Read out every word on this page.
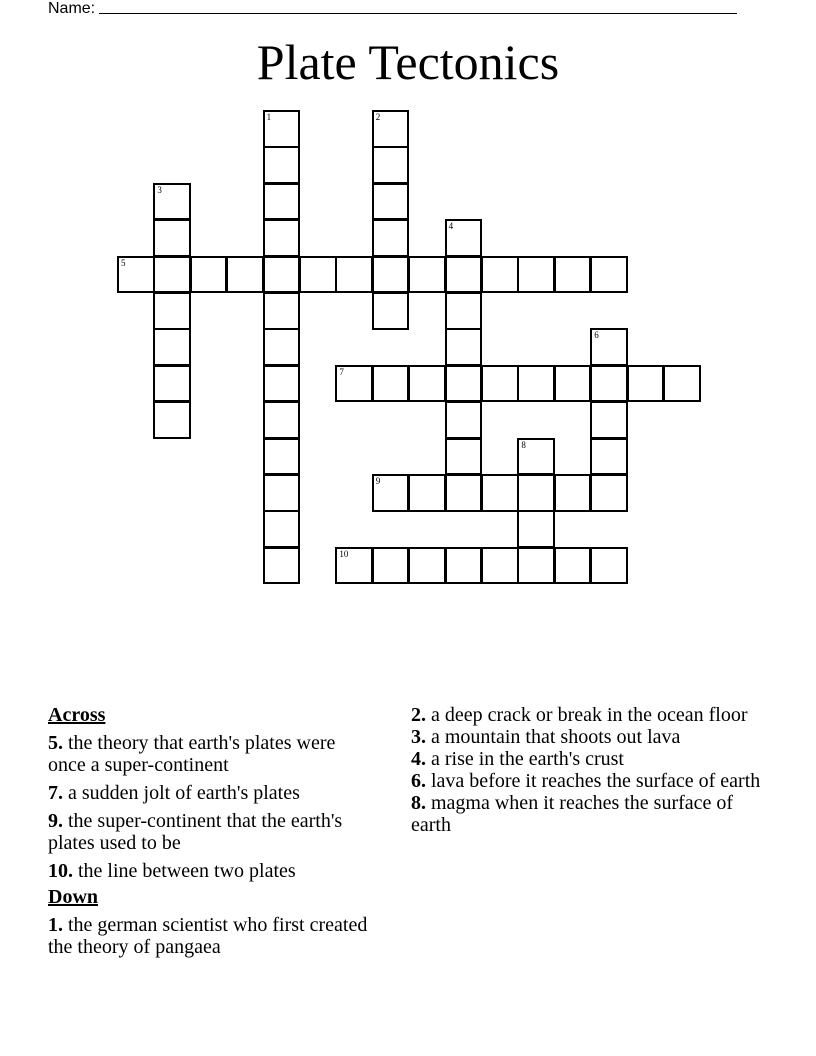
Name:
Plate Tectonics
1	2
3
4
5
6
7
8
9
10
Across
5. the theory that earth's plates were once a super-continent
7. a sudden jolt of earth's plates
9. the super-continent that the earth's plates used to be
10. the line between two plates
Down
1. the german scientist who first created the theory of pangaea
2. a deep crack or break in the ocean floor
3. a mountain that shoots out lava
4. a rise in the earth's crust
6. lava before it reaches the surface of earth
8. magma when it reaches the surface of earth
